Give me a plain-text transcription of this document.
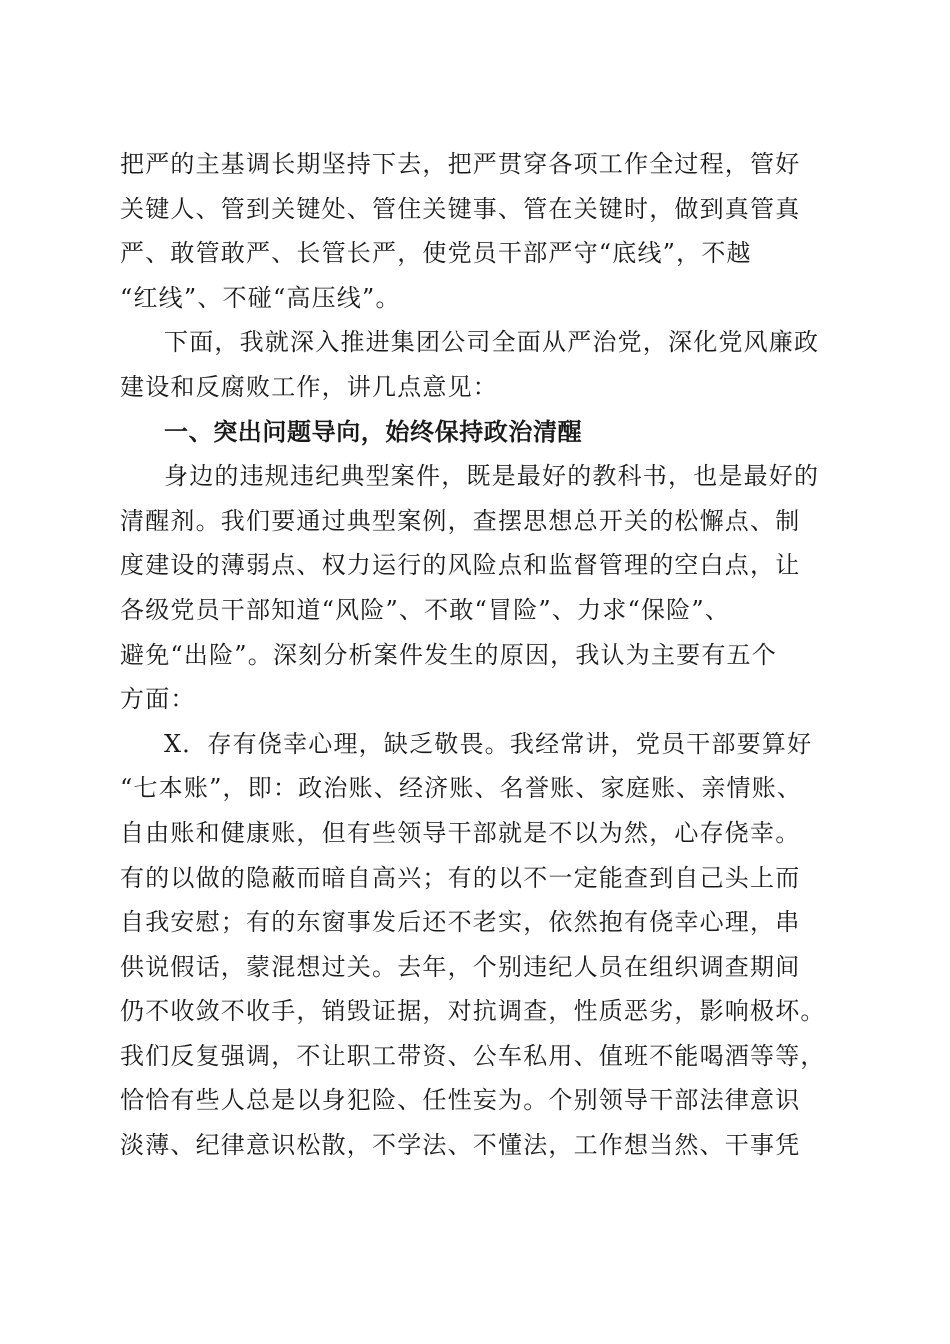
把严的主基调长期坚持下去，把严贯穿各项工作全过程，管好
关键人、管到关键处、管住关键事、管在关键时，做到真管真
严、敢管敢严、长管长严，使党员干部严守“底线”，不越
“红线”、不碰“高压线”。
下面，我就深入推进集团公司全面从严治党，深化党风廉政
建设和反腐败工作，讲几点意见：
一、突出问题导向，始终保持政治清醒
身边的违规违纪典型案件，既是最好的教科书，也是最好的
清醒剂。我们要通过典型案例，查摆思想总开关的松懈点、制
度建设的薄弱点、权力运行的风险点和监督管理的空白点，让
各级党员干部知道“风险”、不敢“冒险”、力求“保险”、
避免“出险”。深刻分析案件发生的原因，我认为主要有五个
方面：
X．存有侥幸心理，缺乏敬畏。我经常讲，党员干部要算好
“七本账”，即：政治账、经济账、名誉账、家庭账、亲情账、
自由账和健康账，但有些领导干部就是不以为然，心存侥幸。
有的以做的隐蔽而暗自高兴；有的以不一定能查到自己头上而
自我安慰；有的东窗事发后还不老实，依然抱有侥幸心理，串
供说假话，蒙混想过关。去年，个别违纪人员在组织调查期间
仍不收敛不收手，销毁证据，对抗调查，性质恶劣，影响极坏。
我们反复强调，不让职工带资、公车私用、值班不能喝酒等等，
恰恰有些人总是以身犯险、任性妄为。个别领导干部法律意识
淡薄、纪律意识松散，不学法、不懂法，工作想当然、干事凭
